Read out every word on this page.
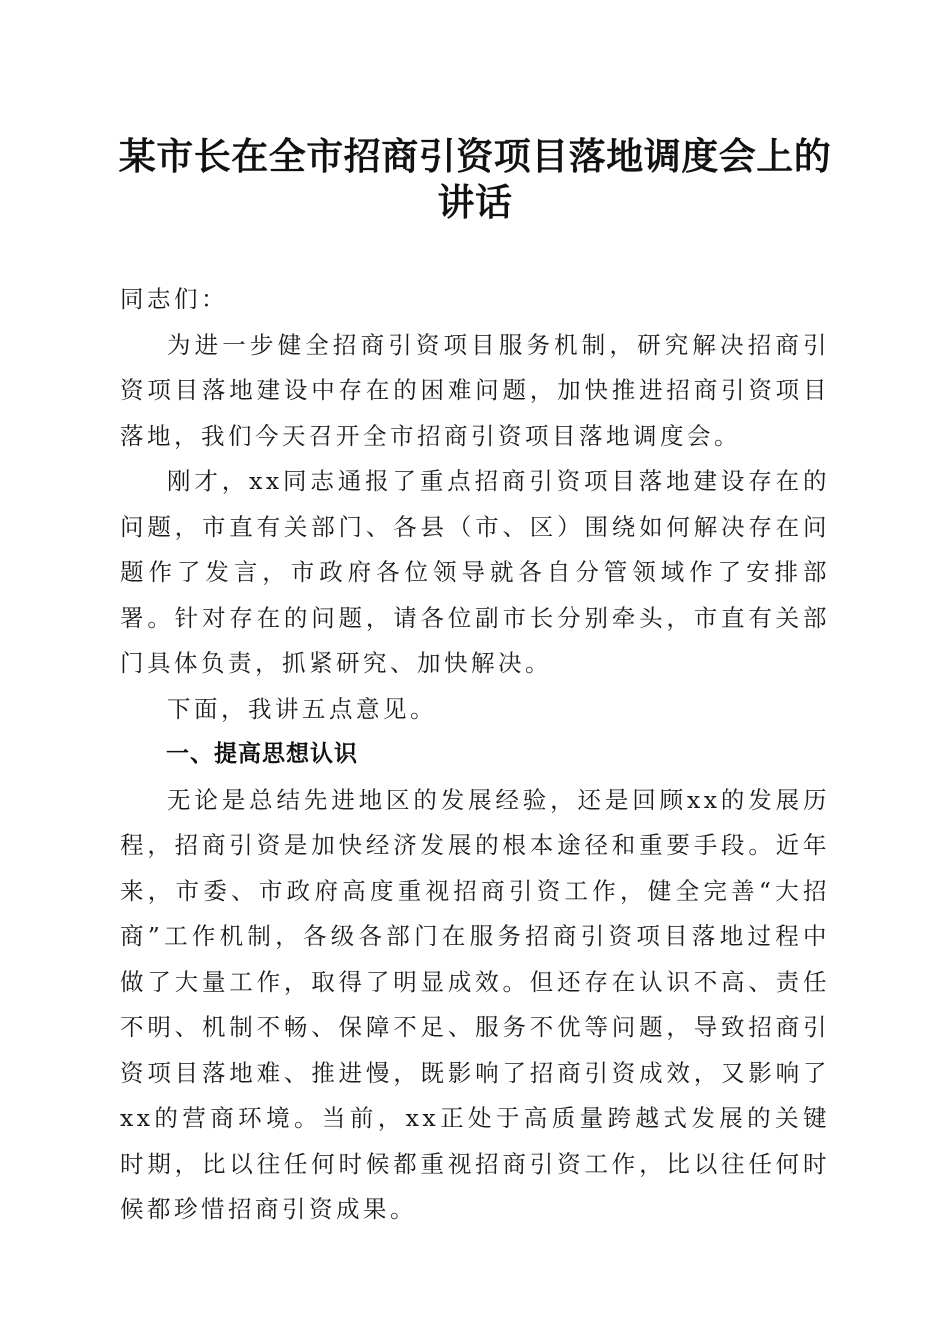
某市长在全市招商引资项目落地调度会上的讲话

同志们：

为进一步健全招商引资项目服务机制，研究解决招商引资项目落地建设中存在的困难问题，加快推进招商引资项目落地，我们今天召开全市招商引资项目落地调度会。

刚才，xx同志通报了重点招商引资项目落地建设存在的问题，市直有关部门、各县（市、区）围绕如何解决存在问题作了发言，市政府各位领导就各自分管领域作了安排部署。针对存在的问题，请各位副市长分别牵头，市直有关部门具体负责，抓紧研究、加快解决。

下面，我讲五点意见。

一、提高思想认识

无论是总结先进地区的发展经验，还是回顾xx的发展历程，招商引资是加快经济发展的根本途径和重要手段。近年来，市委、市政府高度重视招商引资工作，健全完善“大招商”工作机制，各级各部门在服务招商引资项目落地过程中做了大量工作，取得了明显成效。但还存在认识不高、责任不明、机制不畅、保障不足、服务不优等问题，导致招商引资项目落地难、推进慢，既影响了招商引资成效，又影响了xx的营商环境。当前，xx正处于高质量跨越式发展的关键时期，比以往任何时候都重视招商引资工作，比以往任何时候都珍惜招商引资成果。
